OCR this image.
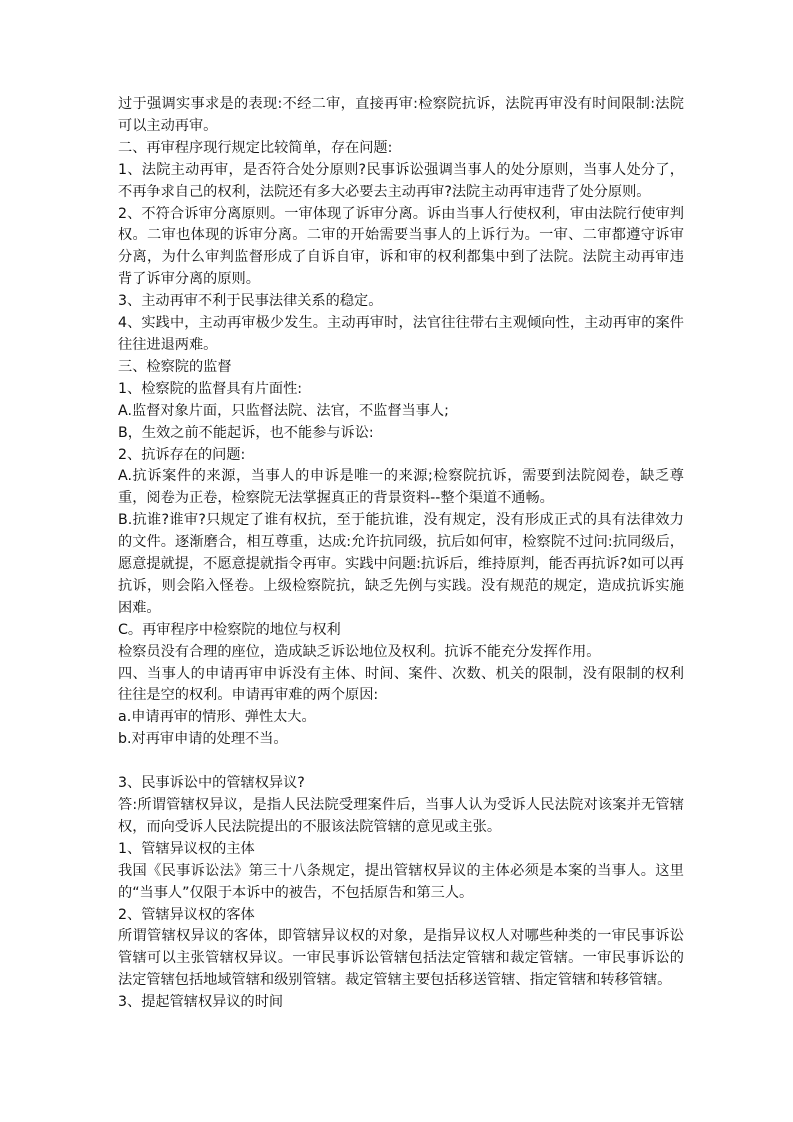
过于强调实事求是的表现:不经二审，直接再审:检察院抗诉，法院再审没有时间限制:法院可以主动再审。

二、再审程序现行规定比较简单，存在问题:

1、法院主动再审，是否符合处分原则?民事诉讼强调当事人的处分原则，当事人处分了，不再争求自己的权利，法院还有多大必要去主动再审?法院主动再审违背了处分原则。

2、不符合诉审分离原则。一审体现了诉审分离。诉由当事人行使权利，审由法院行使审判权。二审也体现的诉审分离。二审的开始需要当事人的上诉行为。一审、二审都遵守诉审分离，为什么审判监督形成了自诉自审，诉和审的权利都集中到了法院。法院主动再审违背了诉审分离的原则。

3、主动再审不利于民事法律关系的稳定。

4、实践中，主动再审极少发生。主动再审时，法官往往带右主观倾向性，主动再审的案件往往进退两难。

三、检察院的监督

1、检察院的监督具有片面性:

A.监督对象片面，只监督法院、法官，不监督当事人;

B，生效之前不能起诉，也不能参与诉讼:

2、抗诉存在的问题:

A.抗诉案件的来源，当事人的申诉是唯一的来源;检察院抗诉，需要到法院阅卷，缺乏尊重，阅卷为正卷，检察院无法掌握真正的背景资料--整个渠道不通畅。

B.抗谁?谁审?只规定了谁有权抗，至于能抗谁，没有规定，没有形成正式的具有法律效力的文件。逐渐磨合，相互尊重，达成:允许抗同级，抗后如何审，检察院不过问:抗同级后，愿意提就提，不愿意提就指令再审。实践中问题:抗诉后，维持原判，能否再抗诉?如可以再抗诉，则会陷入怪卷。上级检察院抗，缺乏先例与实践。没有规范的规定，造成抗诉实施困难。

C。再审程序中检察院的地位与权利

检察员没有合理的座位，造成缺乏诉讼地位及权利。抗诉不能充分发挥作用。

四、当事人的申请再审申诉没有主体、时间、案件、次数、机关的限制，没有限制的权利往往是空的权利。申请再审难的两个原因:

a.申请再审的情形、弹性太大。

b.对再审申请的处理不当。

3、民事诉讼中的管辖权异议?

答:所谓管辖权异议，是指人民法院受理案件后，当事人认为受诉人民法院对该案并无管辖权，而向受诉人民法院提出的不服该法院管辖的意见或主张。

1、管辖异议权的主体

我国《民事诉讼法》第三十八条规定，提出管辖权异议的主体必须是本案的当事人。这里的“当事人”仅限于本诉中的被告，不包括原告和第三人。

2、管辖异议权的客体

所谓管辖权异议的客体，即管辖异议权的对象，是指异议权人对哪些种类的一审民事诉讼管辖可以主张管辖权异议。一审民事诉讼管辖包括法定管辖和裁定管辖。一审民事诉讼的法定管辖包括地域管辖和级别管辖。裁定管辖主要包括移送管辖、指定管辖和转移管辖。

3、提起管辖权异议的时间
